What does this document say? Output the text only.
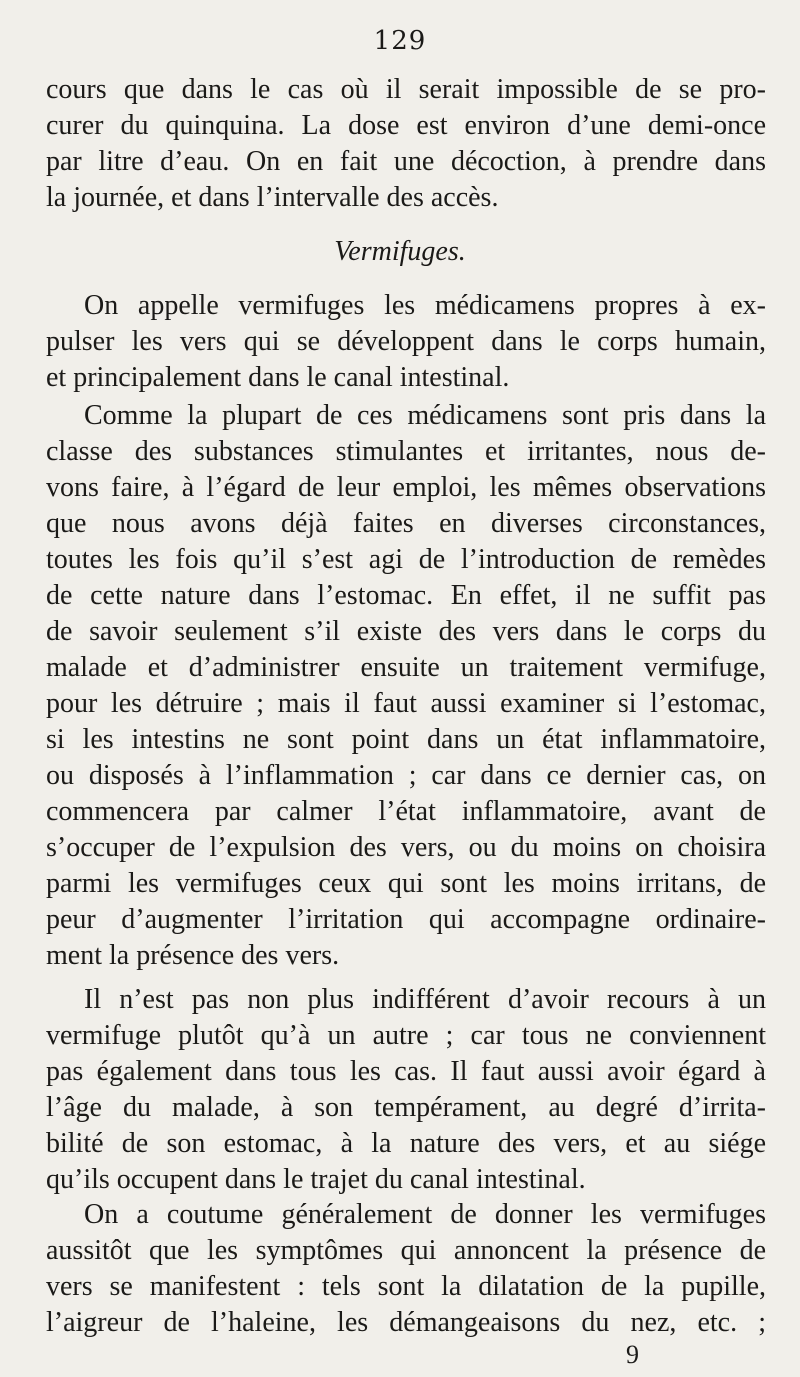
129
cours que dans le cas où il serait impossible de se pro-
curer du quinquina. La dose est environ d’une demi-once
par litre d’eau. On en fait une décoction, à prendre dans
la journée, et dans l’intervalle des accès.
Vermifuges.
On appelle vermifuges les médicamens propres à ex-
pulser les vers qui se développent dans le corps humain,
et principalement dans le canal intestinal.
Comme la plupart de ces médicamens sont pris dans la
classe des substances stimulantes et irritantes, nous de-
vons faire, à l’égard de leur emploi, les mêmes observations
que nous avons déjà faites en diverses circonstances,
toutes les fois qu’il s’est agi de l’introduction de remèdes
de cette nature dans l’estomac. En effet, il ne suffit pas
de savoir seulement s’il existe des vers dans le corps du
malade et d’administrer ensuite un traitement vermifuge,
pour les détruire ; mais il faut aussi examiner si l’estomac,
si les intestins ne sont point dans un état inflammatoire,
ou disposés à l’inflammation ; car dans ce dernier cas, on
commencera par calmer l’état inflammatoire, avant de
s’occuper de l’expulsion des vers, ou du moins on choisira
parmi les vermifuges ceux qui sont les moins irritans, de
peur d’augmenter l’irritation qui accompagne ordinaire-
ment la présence des vers.
Il n’est pas non plus indifférent d’avoir recours à un
vermifuge plutôt qu’à un autre ; car tous ne conviennent
pas également dans tous les cas. Il faut aussi avoir égard à
l’âge du malade, à son tempérament, au degré d’irrita-
bilité de son estomac, à la nature des vers, et au siége
qu’ils occupent dans le trajet du canal intestinal.
On a coutume généralement de donner les vermifuges
aussitôt que les symptômes qui annoncent la présence de
vers se manifestent : tels sont la dilatation de la pupille,
l’aigreur de l’haleine, les démangeaisons du nez, etc. ;
9
